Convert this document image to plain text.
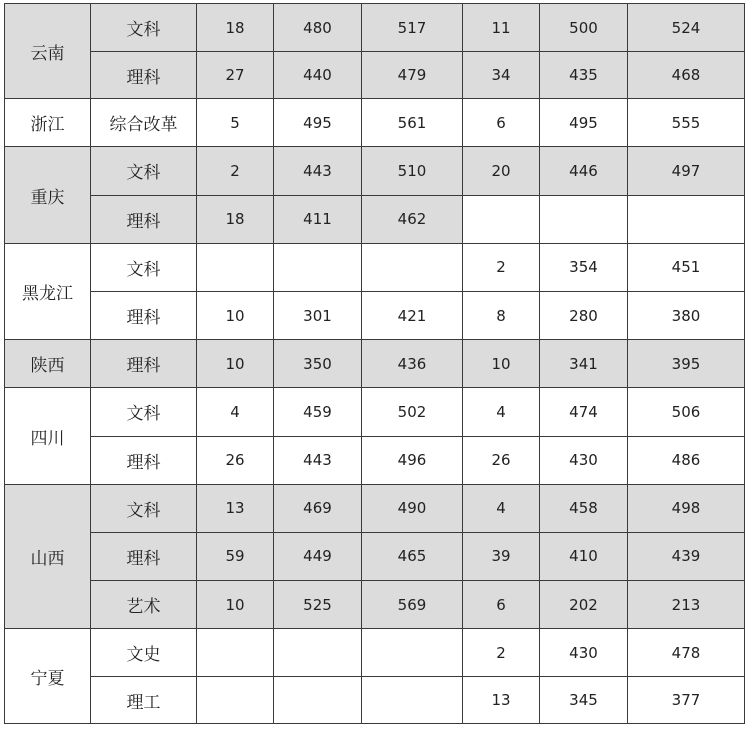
云南	文科	18	480	517	11	500	524
	理科	27	440	479	34	435	468
浙江	综合改革	5	495	561	6	495	555
重庆	文科	2	443	510	20	446	497
	理科	18	411	462			
黑龙江	文科				2	354	451
	理科	10	301	421	8	280	380
陕西	理科	10	350	436	10	341	395
四川	文科	4	459	502	4	474	506
	理科	26	443	496	26	430	486
山西	文科	13	469	490	4	458	498
	理科	59	449	465	39	410	439
	艺术	10	525	569	6	202	213
宁夏	文史				2	430	478
	理工				13	345	377
